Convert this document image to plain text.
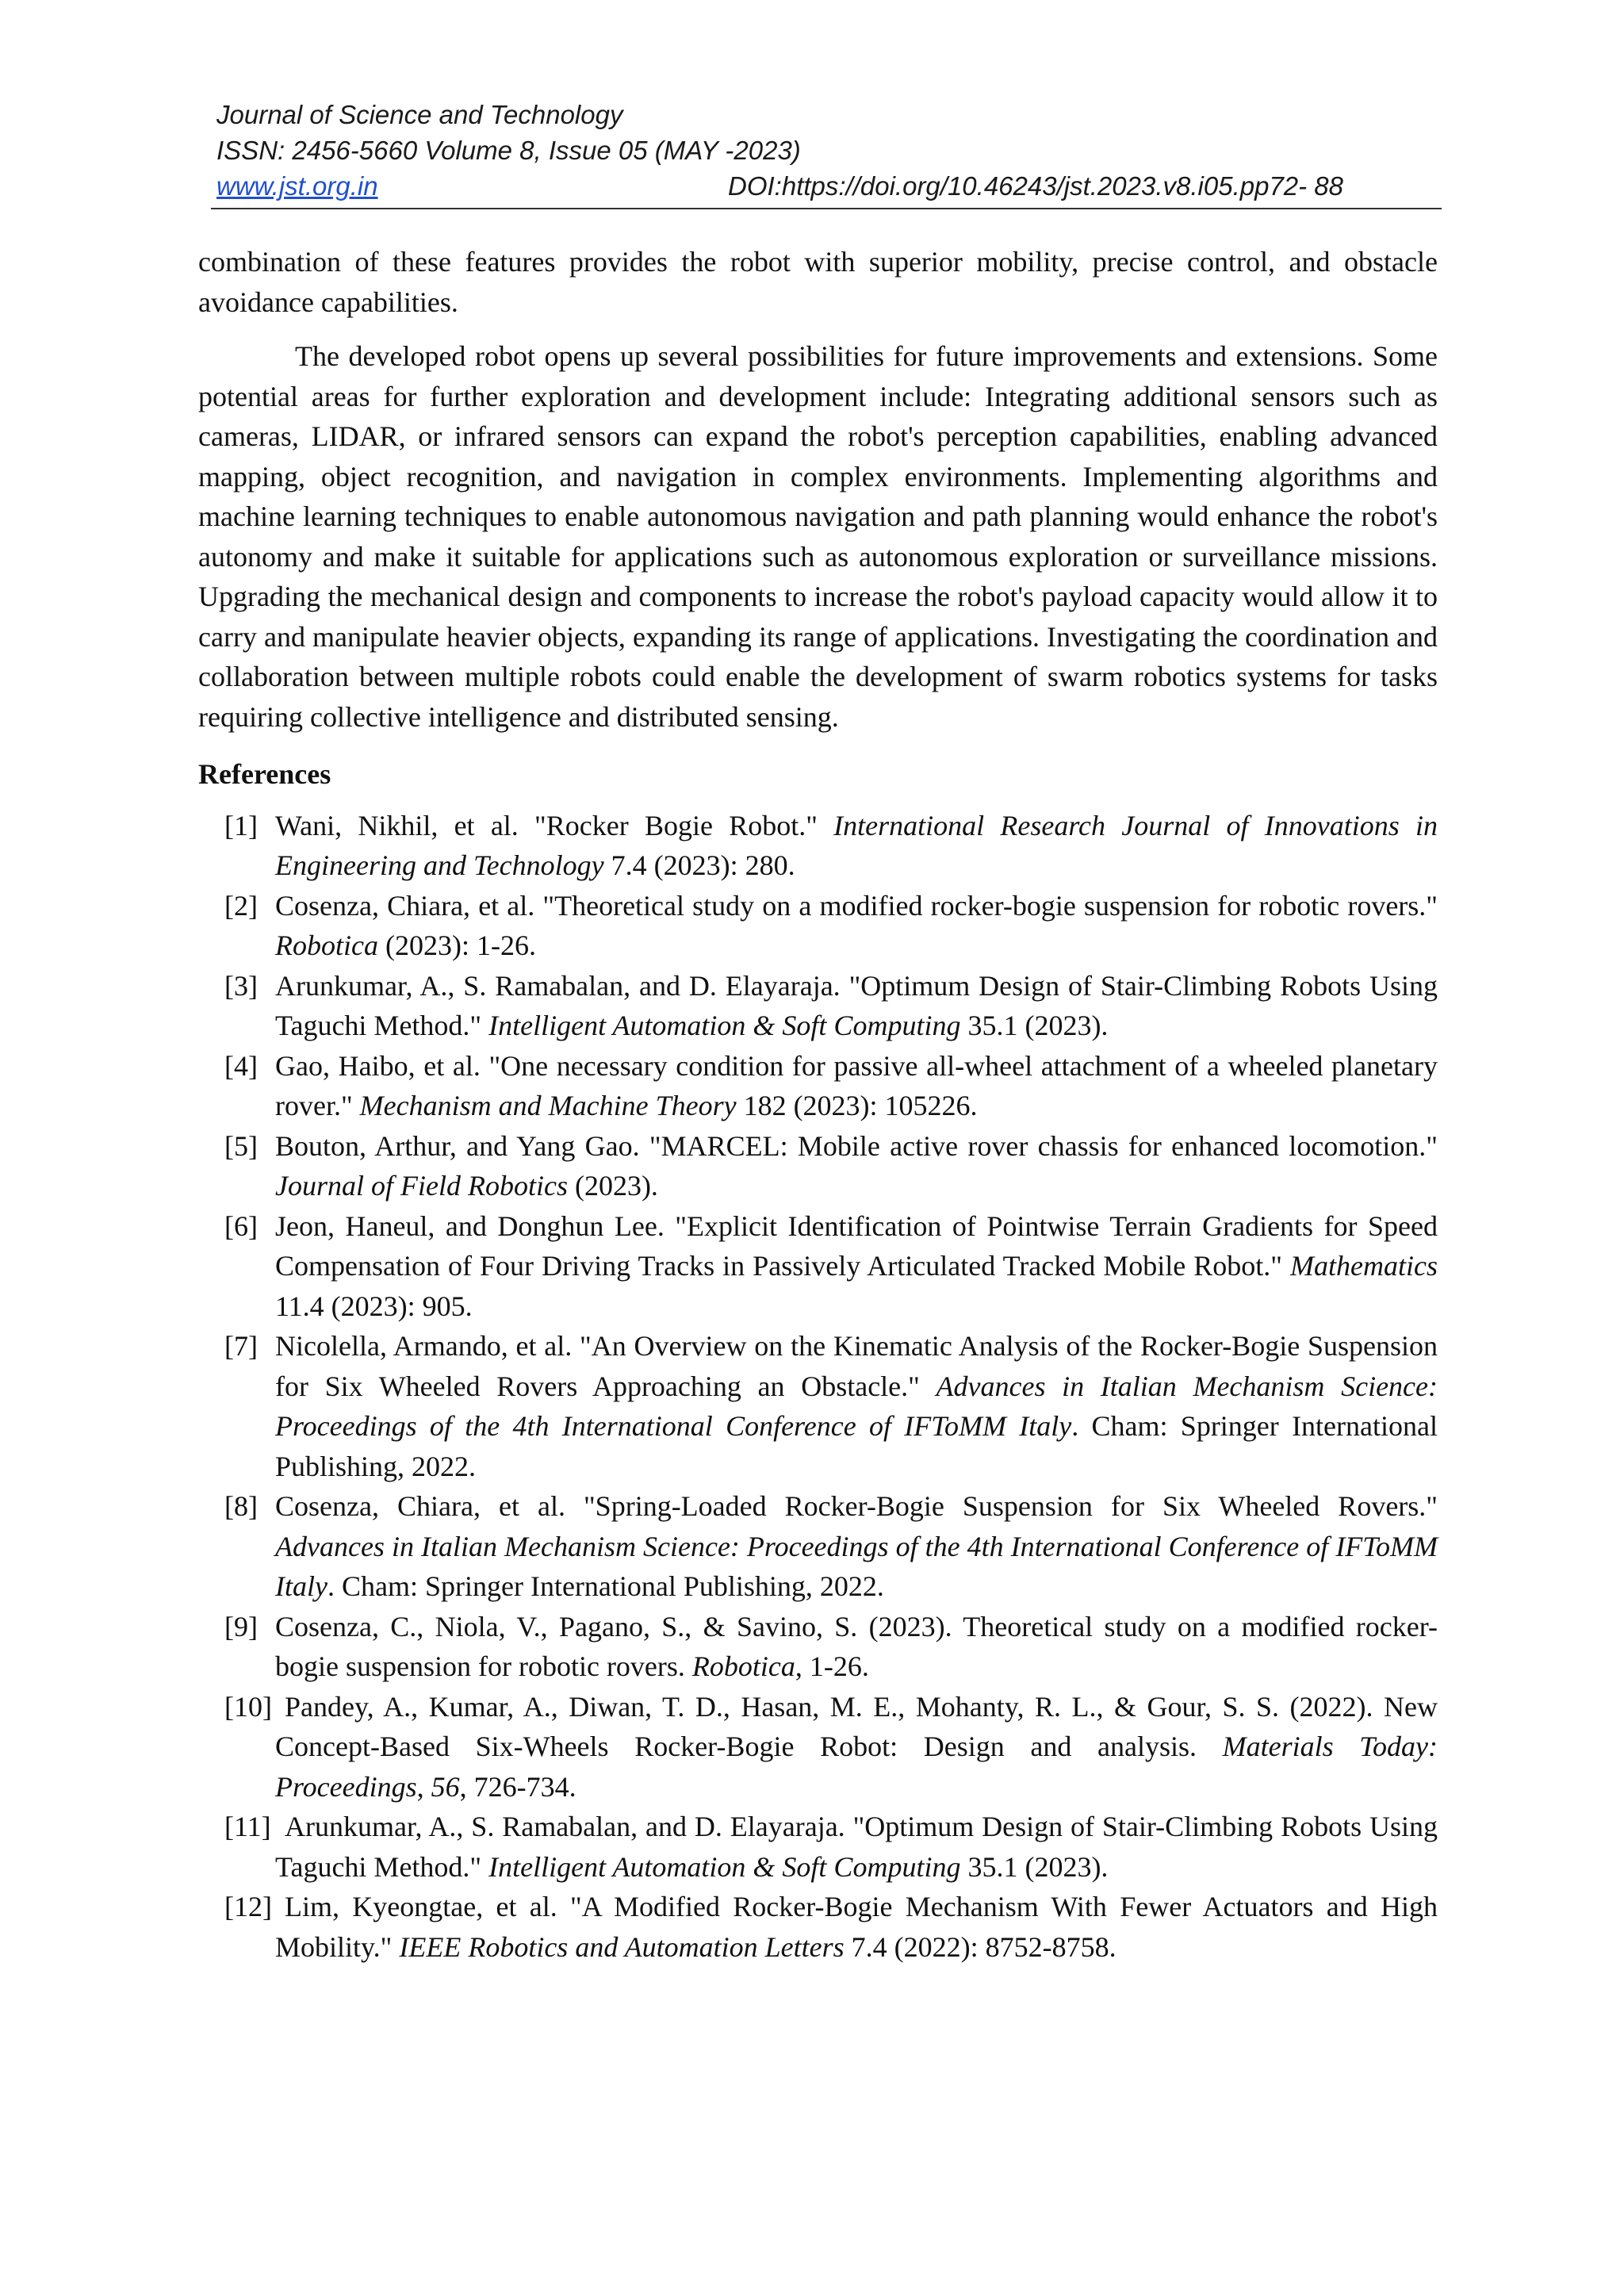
Journal of Science and Technology
ISSN: 2456-5660 Volume 8, Issue 05 (MAY -2023)
www.jst.org.in	DOI:https://doi.org/10.46243/jst.2023.v8.i05.pp72- 88

combination of these features provides the robot with superior mobility, precise control, and obstacle avoidance capabilities.

The developed robot opens up several possibilities for future improvements and extensions. Some potential areas for further exploration and development include: Integrating additional sensors such as cameras, LIDAR, or infrared sensors can expand the robot's perception capabilities, enabling advanced mapping, object recognition, and navigation in complex environments. Implementing algorithms and machine learning techniques to enable autonomous navigation and path planning would enhance the robot's autonomy and make it suitable for applications such as autonomous exploration or surveillance missions. Upgrading the mechanical design and components to increase the robot's payload capacity would allow it to carry and manipulate heavier objects, expanding its range of applications. Investigating the coordination and collaboration between multiple robots could enable the development of swarm robotics systems for tasks requiring collective intelligence and distributed sensing.

References
[1] Wani, Nikhil, et al. "Rocker Bogie Robot." International Research Journal of Innovations in Engineering and Technology 7.4 (2023): 280.
[2] Cosenza, Chiara, et al. "Theoretical study on a modified rocker-bogie suspension for robotic rovers." Robotica (2023): 1-26.
[3] Arunkumar, A., S. Ramabalan, and D. Elayaraja. "Optimum Design of Stair-Climbing Robots Using Taguchi Method." Intelligent Automation & Soft Computing 35.1 (2023).
[4] Gao, Haibo, et al. "One necessary condition for passive all-wheel attachment of a wheeled planetary rover." Mechanism and Machine Theory 182 (2023): 105226.
[5] Bouton, Arthur, and Yang Gao. "MARCEL: Mobile active rover chassis for enhanced locomotion." Journal of Field Robotics (2023).
[6] Jeon, Haneul, and Donghun Lee. "Explicit Identification of Pointwise Terrain Gradients for Speed Compensation of Four Driving Tracks in Passively Articulated Tracked Mobile Robot." Mathematics 11.4 (2023): 905.
[7] Nicolella, Armando, et al. "An Overview on the Kinematic Analysis of the Rocker-Bogie Suspension for Six Wheeled Rovers Approaching an Obstacle." Advances in Italian Mechanism Science: Proceedings of the 4th International Conference of IFToMM Italy. Cham: Springer International Publishing, 2022.
[8] Cosenza, Chiara, et al. "Spring-Loaded Rocker-Bogie Suspension for Six Wheeled Rovers." Advances in Italian Mechanism Science: Proceedings of the 4th International Conference of IFToMM Italy. Cham: Springer International Publishing, 2022.
[9] Cosenza, C., Niola, V., Pagano, S., & Savino, S. (2023). Theoretical study on a modified rocker-bogie suspension for robotic rovers. Robotica, 1-26.
[10] Pandey, A., Kumar, A., Diwan, T. D., Hasan, M. E., Mohanty, R. L., & Gour, S. S. (2022). New Concept-Based Six-Wheels Rocker-Bogie Robot: Design and analysis. Materials Today: Proceedings, 56, 726-734.
[11] Arunkumar, A., S. Ramabalan, and D. Elayaraja. "Optimum Design of Stair-Climbing Robots Using Taguchi Method." Intelligent Automation & Soft Computing 35.1 (2023).
[12] Lim, Kyeongtae, et al. "A Modified Rocker-Bogie Mechanism With Fewer Actuators and High Mobility." IEEE Robotics and Automation Letters 7.4 (2022): 8752-8758.
